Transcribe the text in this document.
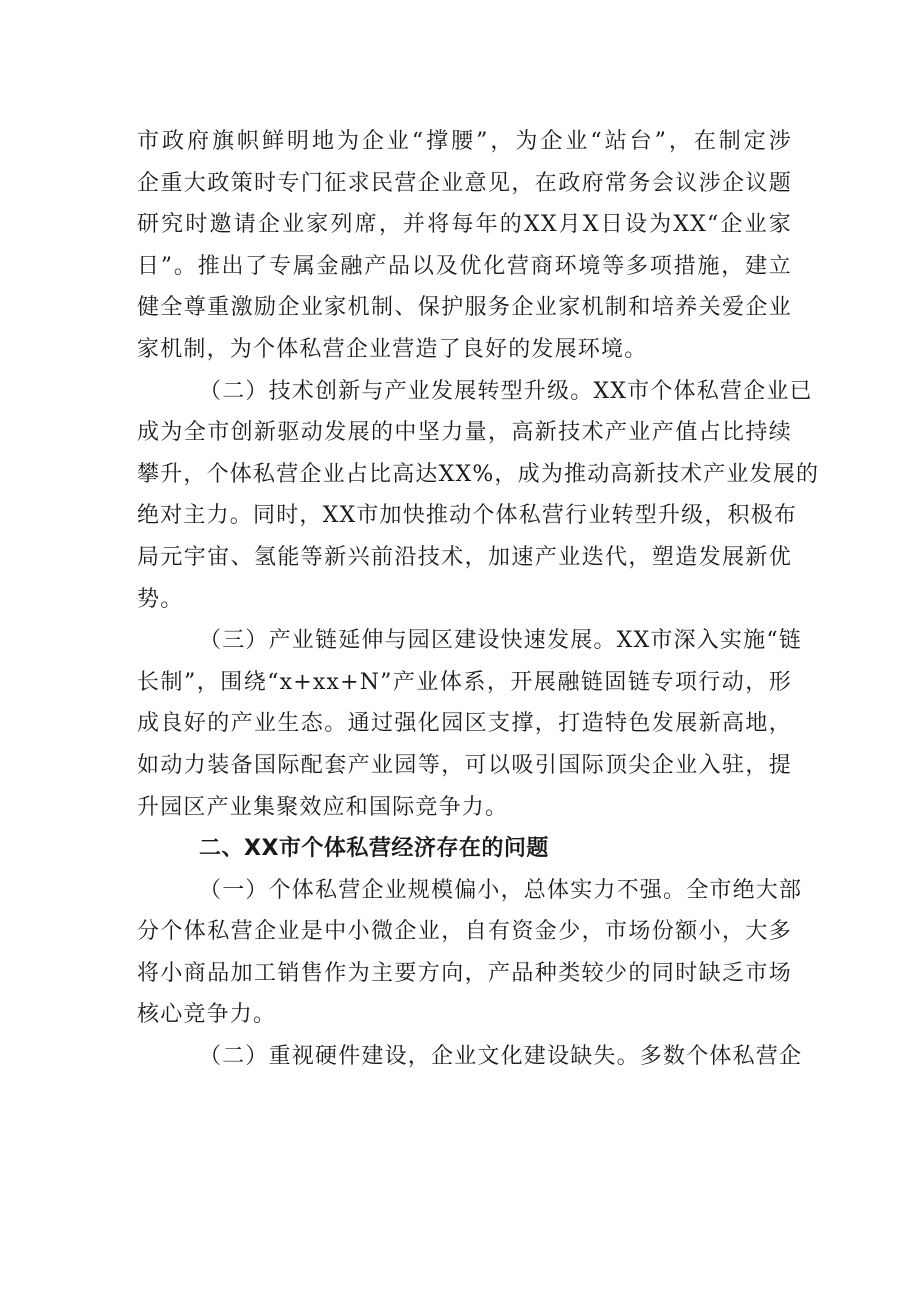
市政府旗帜鲜明地为企业“撑腰”，为企业“站台”，在制定涉
企重大政策时专门征求民营企业意见，在政府常务会议涉企议题
研究时邀请企业家列席，并将每年的XX月X日设为XX“企业家
日”。推出了专属金融产品以及优化营商环境等多项措施，建立
健全尊重激励企业家机制、保护服务企业家机制和培养关爱企业
家机制，为个体私营企业营造了良好的发展环境。
（二）技术创新与产业发展转型升级。XX市个体私营企业已
成为全市创新驱动发展的中坚力量，高新技术产业产值占比持续
攀升，个体私营企业占比高达XX%，成为推动高新技术产业发展的
绝对主力。同时，XX市加快推动个体私营行业转型升级，积极布
局元宇宙、氢能等新兴前沿技术，加速产业迭代，塑造发展新优
势。
（三）产业链延伸与园区建设快速发展。XX市深入实施“链
长制”，围绕“x+xx+N”产业体系，开展融链固链专项行动，形
成良好的产业生态。通过强化园区支撑，打造特色发展新高地，
如动力装备国际配套产业园等，可以吸引国际顶尖企业入驻，提
升园区产业集聚效应和国际竞争力。
二、XX市个体私营经济存在的问题
（一）个体私营企业规模偏小，总体实力不强。全市绝大部
分个体私营企业是中小微企业，自有资金少，市场份额小，大多
将小商品加工销售作为主要方向，产品种类较少的同时缺乏市场
核心竞争力。
（二）重视硬件建设，企业文化建设缺失。多数个体私营企
